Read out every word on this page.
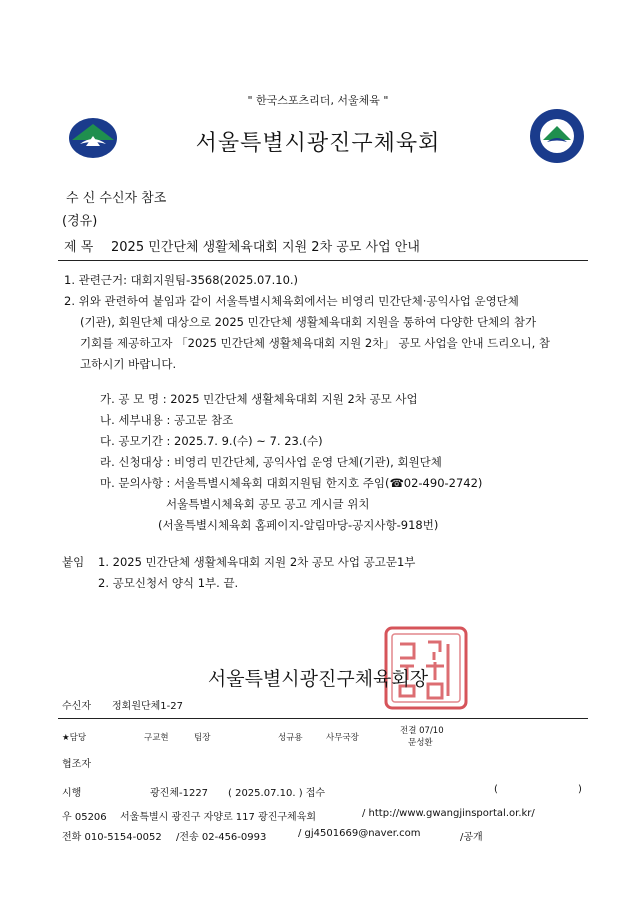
" 한국스포츠리더, 서울체육 "
서울특별시광진구체육회
수 신 수신자 참조
(경유)
제 목 2025 민간단체 생활체육대회 지원 2차 공모 사업 안내
1. 관련근거: 대회지원팀-3568(2025.07.10.)
2. 위와 관련하여 붙임과 같이 서울특별시체육회에서는 비영리 민간단체·공익사업 운영단체
(기관), 회원단체 대상으로 2025 민간단체 생활체육대회 지원을 통하여 다양한 단체의 참가
기회를 제공하고자 「2025 민간단체 생활체육대회 지원 2차」 공모 사업을 안내 드리오니, 참
고하시기 바랍니다.
가. 공 모 명 : 2025 민간단체 생활체육대회 지원 2차 공모 사업
나. 세부내용 : 공고문 참조
다. 공모기간 : 2025.7. 9.(수) ~ 7. 23.(수)
라. 신청대상 : 비영리 민간단체, 공익사업 운영 단체(기관), 회원단체
마. 문의사항 : 서울특별시체육회 대회지원팀 한지호 주임(☎02-490-2742)
서울특별시체육회 공모 공고 게시글 위치
(서울특별시체육회 홈페이지-알림마당-공지사항-918번)
붙임 1. 2025 민간단체 생활체육대회 지원 2차 공모 사업 공고문1부
2. 공모신청서 양식 1부. 끝.
서울특별시광진구체육회장
수신자 정회원단체1-27
★담당	구교현	팀장	성규용	사무국장
전결 07/10
문성환
협조자
시행	광진체-1227 ( 2025.07.10. ) 접수	(	)
우 05206 서울특별시 광진구 자양로 117 광진구체육회	/ http://www.gwangjinsportal.or.kr/
전화 010-5154-0052 /전송 02-456-0993	/ gj4501669@naver.com	/공개
